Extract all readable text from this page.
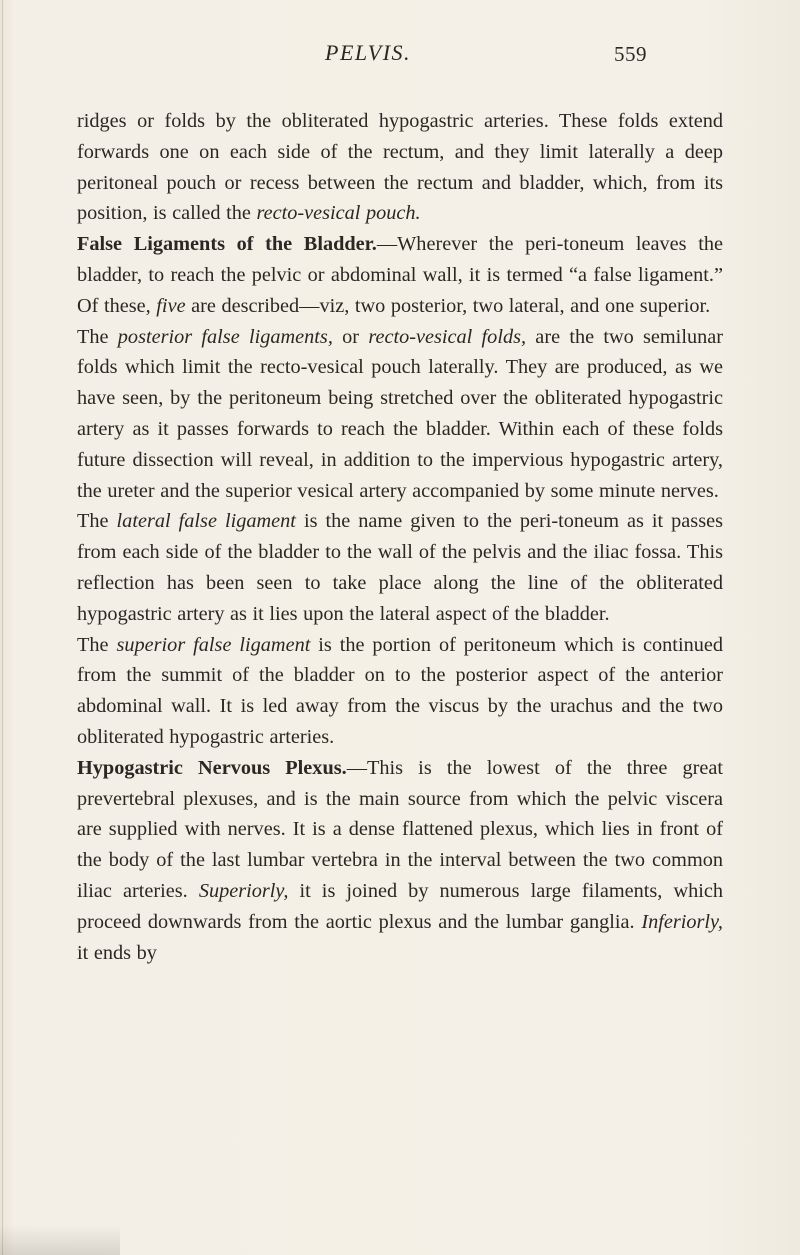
PELVIS.	559

ridges or folds by the obliterated hypogastric arteries. These folds extend forwards one on each side of the rectum, and they limit laterally a deep peritoneal pouch or recess between the rectum and bladder, which, from its position, is called the recto-vesical pouch.

False Ligaments of the Bladder.—Wherever the peri-toneum leaves the bladder, to reach the pelvic or abdominal wall, it is termed “a false ligament.” Of these, five are described—viz, two posterior, two lateral, and one superior.

The posterior false ligaments, or recto-vesical folds, are the two semilunar folds which limit the recto-vesical pouch laterally. They are produced, as we have seen, by the peritoneum being stretched over the obliterated hypogastric artery as it passes forwards to reach the bladder. Within each of these folds future dissection will reveal, in addition to the impervious hypogastric artery, the ureter and the superior vesical artery accompanied by some minute nerves.

The lateral false ligament is the name given to the peri-toneum as it passes from each side of the bladder to the wall of the pelvis and the iliac fossa. This reflection has been seen to take place along the line of the obliterated hypogastric artery as it lies upon the lateral aspect of the bladder.

The superior false ligament is the portion of peritoneum which is continued from the summit of the bladder on to the posterior aspect of the anterior abdominal wall. It is led away from the viscus by the urachus and the two obliterated hypogastric arteries.

Hypogastric Nervous Plexus.—This is the lowest of the three great prevertebral plexuses, and is the main source from which the pelvic viscera are supplied with nerves. It is a dense flattened plexus, which lies in front of the body of the last lumbar vertebra in the interval between the two common iliac arteries. Superiorly, it is joined by numerous large filaments, which proceed downwards from the aortic plexus and the lumbar ganglia. Inferiorly, it ends by
